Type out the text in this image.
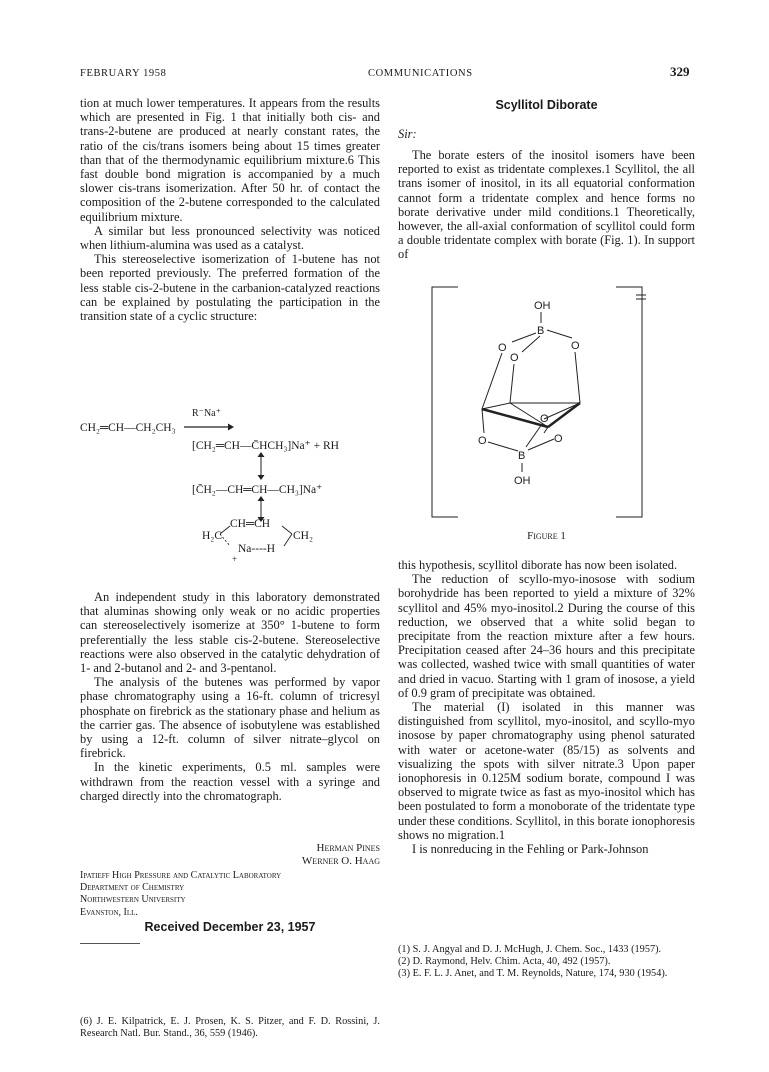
FEBRUARY 1958	COMMUNICATIONS	329

tion at much lower temperatures. It appears from the results which are presented in Fig. 1 that initially both cis- and trans-2-butene are produced at nearly constant rates, the ratio of the cis/trans isomers being about 15 times greater than that of the thermodynamic equilibrium mixture.6 This fast double bond migration is accompanied by a much slower cis-trans isomerization. After 50 hr. of contact the composition of the 2-butene corresponded to the calculated equilibrium mixture.

A similar but less pronounced selectivity was noticed when lithium-alumina was used as a catalyst.

This stereoselective isomerization of 1-butene has not been reported previously. The preferred formation of the less stable cis-2-butene in the carbanion-catalyzed reactions can be explained by postulating the participation in the transition state of a cyclic structure:

R⁻Na⁺
CH₂═CH—CH₂CH₃
[CH₂═CH—C̄HCH₃]Na⁺ + RH
[C̄H₂—CH═CH—CH₃]Na⁺
CH═CH
H₂C	CH₂
Na----H
+

An independent study in this laboratory demonstrated that aluminas showing only weak or no acidic properties can stereoselectively isomerize at 350° 1-butene to form preferentially the less stable cis-2-butene. Stereoselective reactions were also observed in the catalytic dehydration of 1- and 2-butanol and 2- and 3-pentanol.

The analysis of the butenes was performed by vapor phase chromatography using a 16-ft. column of tricresyl phosphate on firebrick as the stationary phase and helium as the carrier gas. The absence of isobutylene was established by using a 12-ft. column of silver nitrate–glycol on firebrick.

In the kinetic experiments, 0.5 ml. samples were withdrawn from the reaction vessel with a syringe and charged directly into the chromatograph.

Herman Pines
Werner O. Haag
Ipatieff High Pressure and Catalytic Laboratory
Department of Chemistry
Northwestern University
Evanston, Ill.
Received December 23, 1957
(6) J. E. Kilpatrick, E. J. Prosen, K. S. Pitzer, and F. D. Rossini, J. Research Natl. Bur. Stand., 36, 559 (1946).
Scyllitol Diborate
Sir:

The borate esters of the inositol isomers have been reported to exist as tridentate complexes.1 Scyllitol, the all trans isomer of inositol, in its all equatorial conformation cannot form a tridentate complex and hence forms no borate derivative under mild conditions.1 Theoretically, however, the all-axial conformation of scyllitol could form a double tridentate complex with borate (Fig. 1). In support of

OH
B
O
O
O
O
O	O
B
OH
Figure 1

this hypothesis, scyllitol diborate has now been isolated.

The reduction of scyllo-myo-inosose with sodium borohydride has been reported to yield a mixture of 32% scyllitol and 45% myo-inositol.2 During the course of this reduction, we observed that a white solid began to precipitate from the reaction mixture after a few hours. Precipitation ceased after 24–36 hours and this precipitate was collected, washed twice with small quantities of water and dried in vacuo. Starting with 1 gram of inosose, a yield of 0.9 gram of precipitate was obtained.

The material (I) isolated in this manner was distinguished from scyllitol, myo-inositol, and scyllo-myo inosose by paper chromatography using phenol saturated with water or acetone-water (85/15) as solvents and visualizing the spots with silver nitrate.3 Upon paper ionophoresis in 0.125M sodium borate, compound I was observed to migrate twice as fast as myo-inositol which has been postulated to form a monoborate of the tridentate type under these conditions. Scyllitol, in this borate ionophoresis shows no migration.1

I is nonreducing in the Fehling or Park-Johnson

(1) S. J. Angyal and D. J. McHugh, J. Chem. Soc., 1433 (1957).
(2) D. Raymond, Helv. Chim. Acta, 40, 492 (1957).
(3) E. F. L. J. Anet, and T. M. Reynolds, Nature, 174, 930 (1954).
